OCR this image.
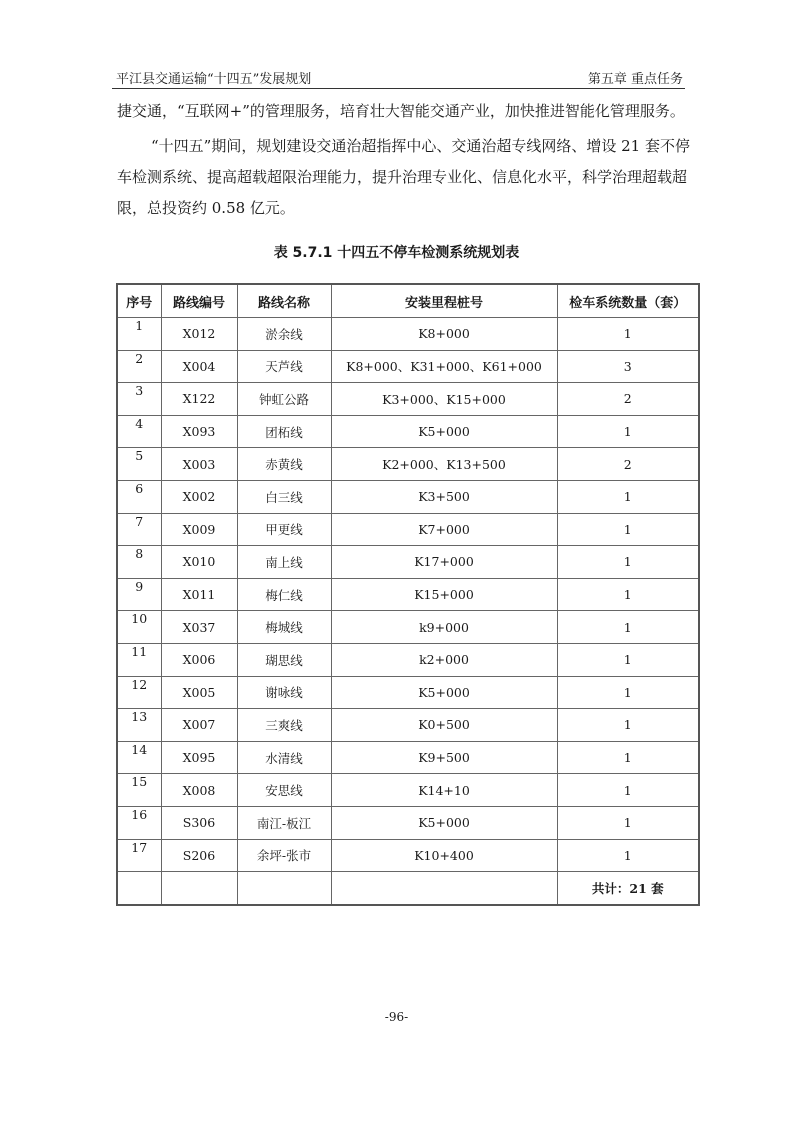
平江县交通运输“十四五”发展规划	第五章 重点任务
捷交通，“互联网+”的管理服务，培育壮大智能交通产业，加快推进智能化管理服务。
“十四五”期间，规划建设交通治超指挥中心、交通治超专线网络、增设 21 套不停车检测系统、提高超载超限治理能力，提升治理专业化、信息化水平，科学治理超载超限，总投资约 0.58 亿元。
表 5.7.1 十四五不停车检测系统规划表
序号	路线编号	路线名称	安装里程桩号	检车系统数量（套）
1	X012	淤余线	K8+000	1
2	X004	天芦线	K8+000、K31+000、K61+000	3
3	X122	钟虹公路	K3+000、K15+000	2
4	X093	团柘线	K5+000	1
5	X003	赤黄线	K2+000、K13+500	2
6	X002	白三线	K3+500	1
7	X009	甲更线	K7+000	1
8	X010	南上线	K17+000	1
9	X011	梅仁线	K15+000	1
10	X037	梅城线	k9+000	1
11	X006	瑚思线	k2+000	1
12	X005	谢咏线	K5+000	1
13	X007	三爽线	K0+500	1
14	X095	水清线	K9+500	1
15	X008	安思线	K14+10	1
16	S306	南江-板江	K5+000	1
17	S206	余坪-张市	K10+400	1
				共计：21 套
-96-
